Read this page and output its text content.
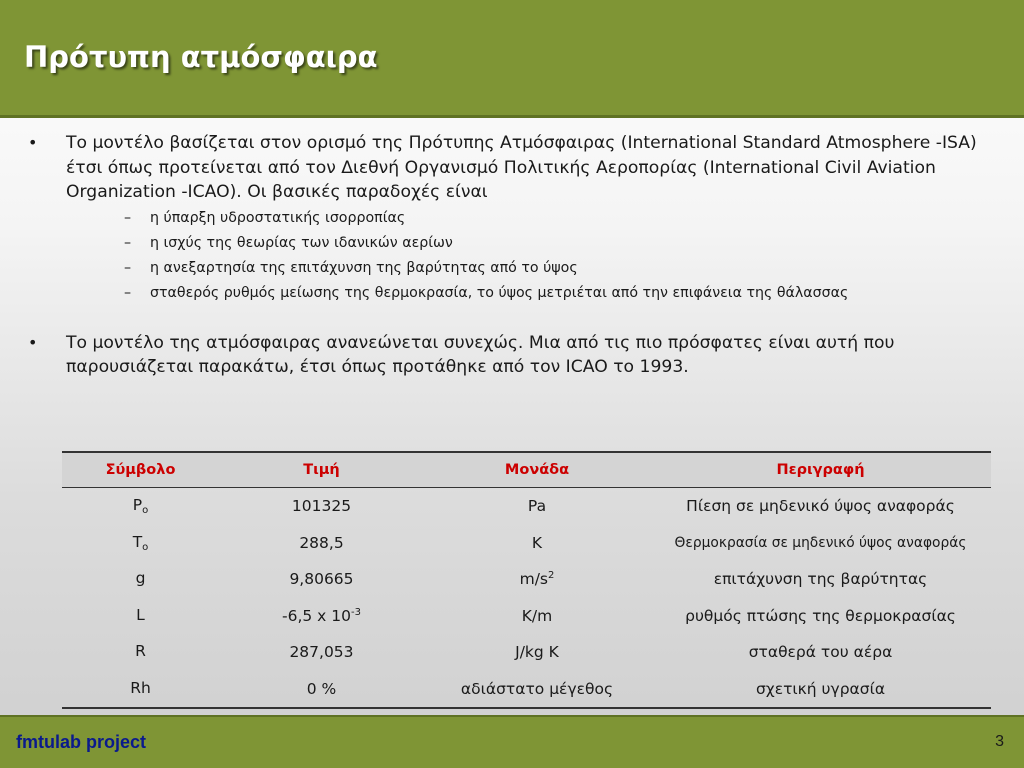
Πρότυπη ατμόσφαιρα
• Το μοντέλο βασίζεται στον ορισμό της Πρότυπης Ατμόσφαιρας (International Standard Atmosphere -ISA) έτσι όπως προτείνεται από τον Διεθνή Οργανισμό Πολιτικής Αεροπορίας (International Civil Aviation Organization -ICAO). Οι βασικές παραδοχές είναι
– η ύπαρξη υδροστατικής ισορροπίας
– η ισχύς της θεωρίας των ιδανικών αερίων
– η ανεξαρτησία της επιτάχυνση της βαρύτητας από το ύψος
– σταθερός ρυθμός μείωσης της θερμοκρασία, το ύψος μετριέται από την επιφάνεια της θάλασσας
• Το μοντέλο της ατμόσφαιρας ανανεώνεται συνεχώς. Μια από τις πιο πρόσφατες είναι αυτή που παρουσιάζεται παρακάτω, έτσι όπως προτάθηκε από τον ICAO το 1993.
Σύμβολο	Τιμή	Μονάδα	Περιγραφή
$P_o$	101325	Pa	Πίεση σε μηδενικό ύψος αναφοράς
$T_o$	288,5	K	Θερμοκρασία σε μηδενικό ύψος αναφοράς
g	9,80665	$m/s^2$	επιτάχυνση της βαρύτητας
L	-6,5 x $10^{-3}$	K/m	ρυθμός πτώσης της θερμοκρασίας
R	287,053	J/kg K	σταθερά του αέρα
Rh	0 %	αδιάστατο μέγεθος	σχετική υγρασία
fmtulab project	3
